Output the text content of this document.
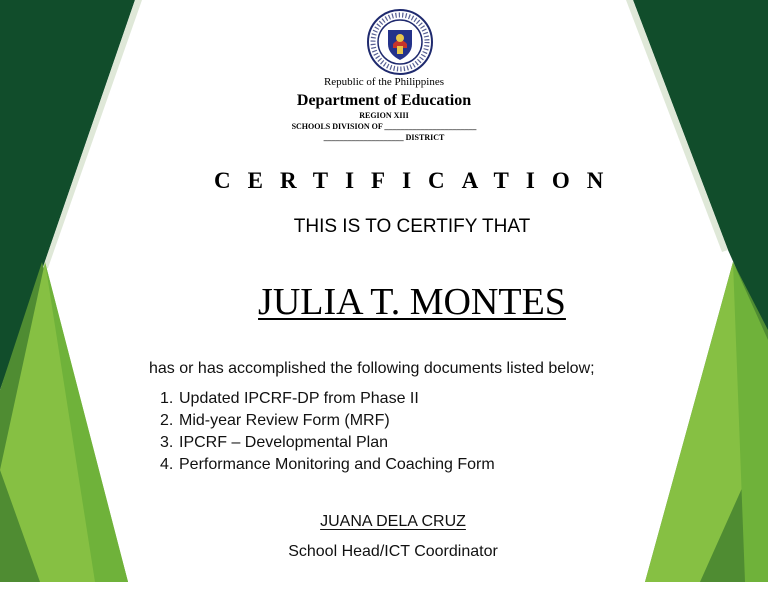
Republic of the Philippines
Department of Education
REGION XIII
SCHOOLS DIVISION OF _______________________
____________________ DISTRICT
CERTIFICATION
THIS IS TO CERTIFY THAT
JULIA T. MONTES
has or has accomplished the following documents listed below;
1. Updated IPCRF-DP from Phase II
2. Mid-year Review Form (MRF)
3. IPCRF – Developmental Plan
4. Performance Monitoring and Coaching Form
JUANA DELA CRUZ
School Head/ICT Coordinator
